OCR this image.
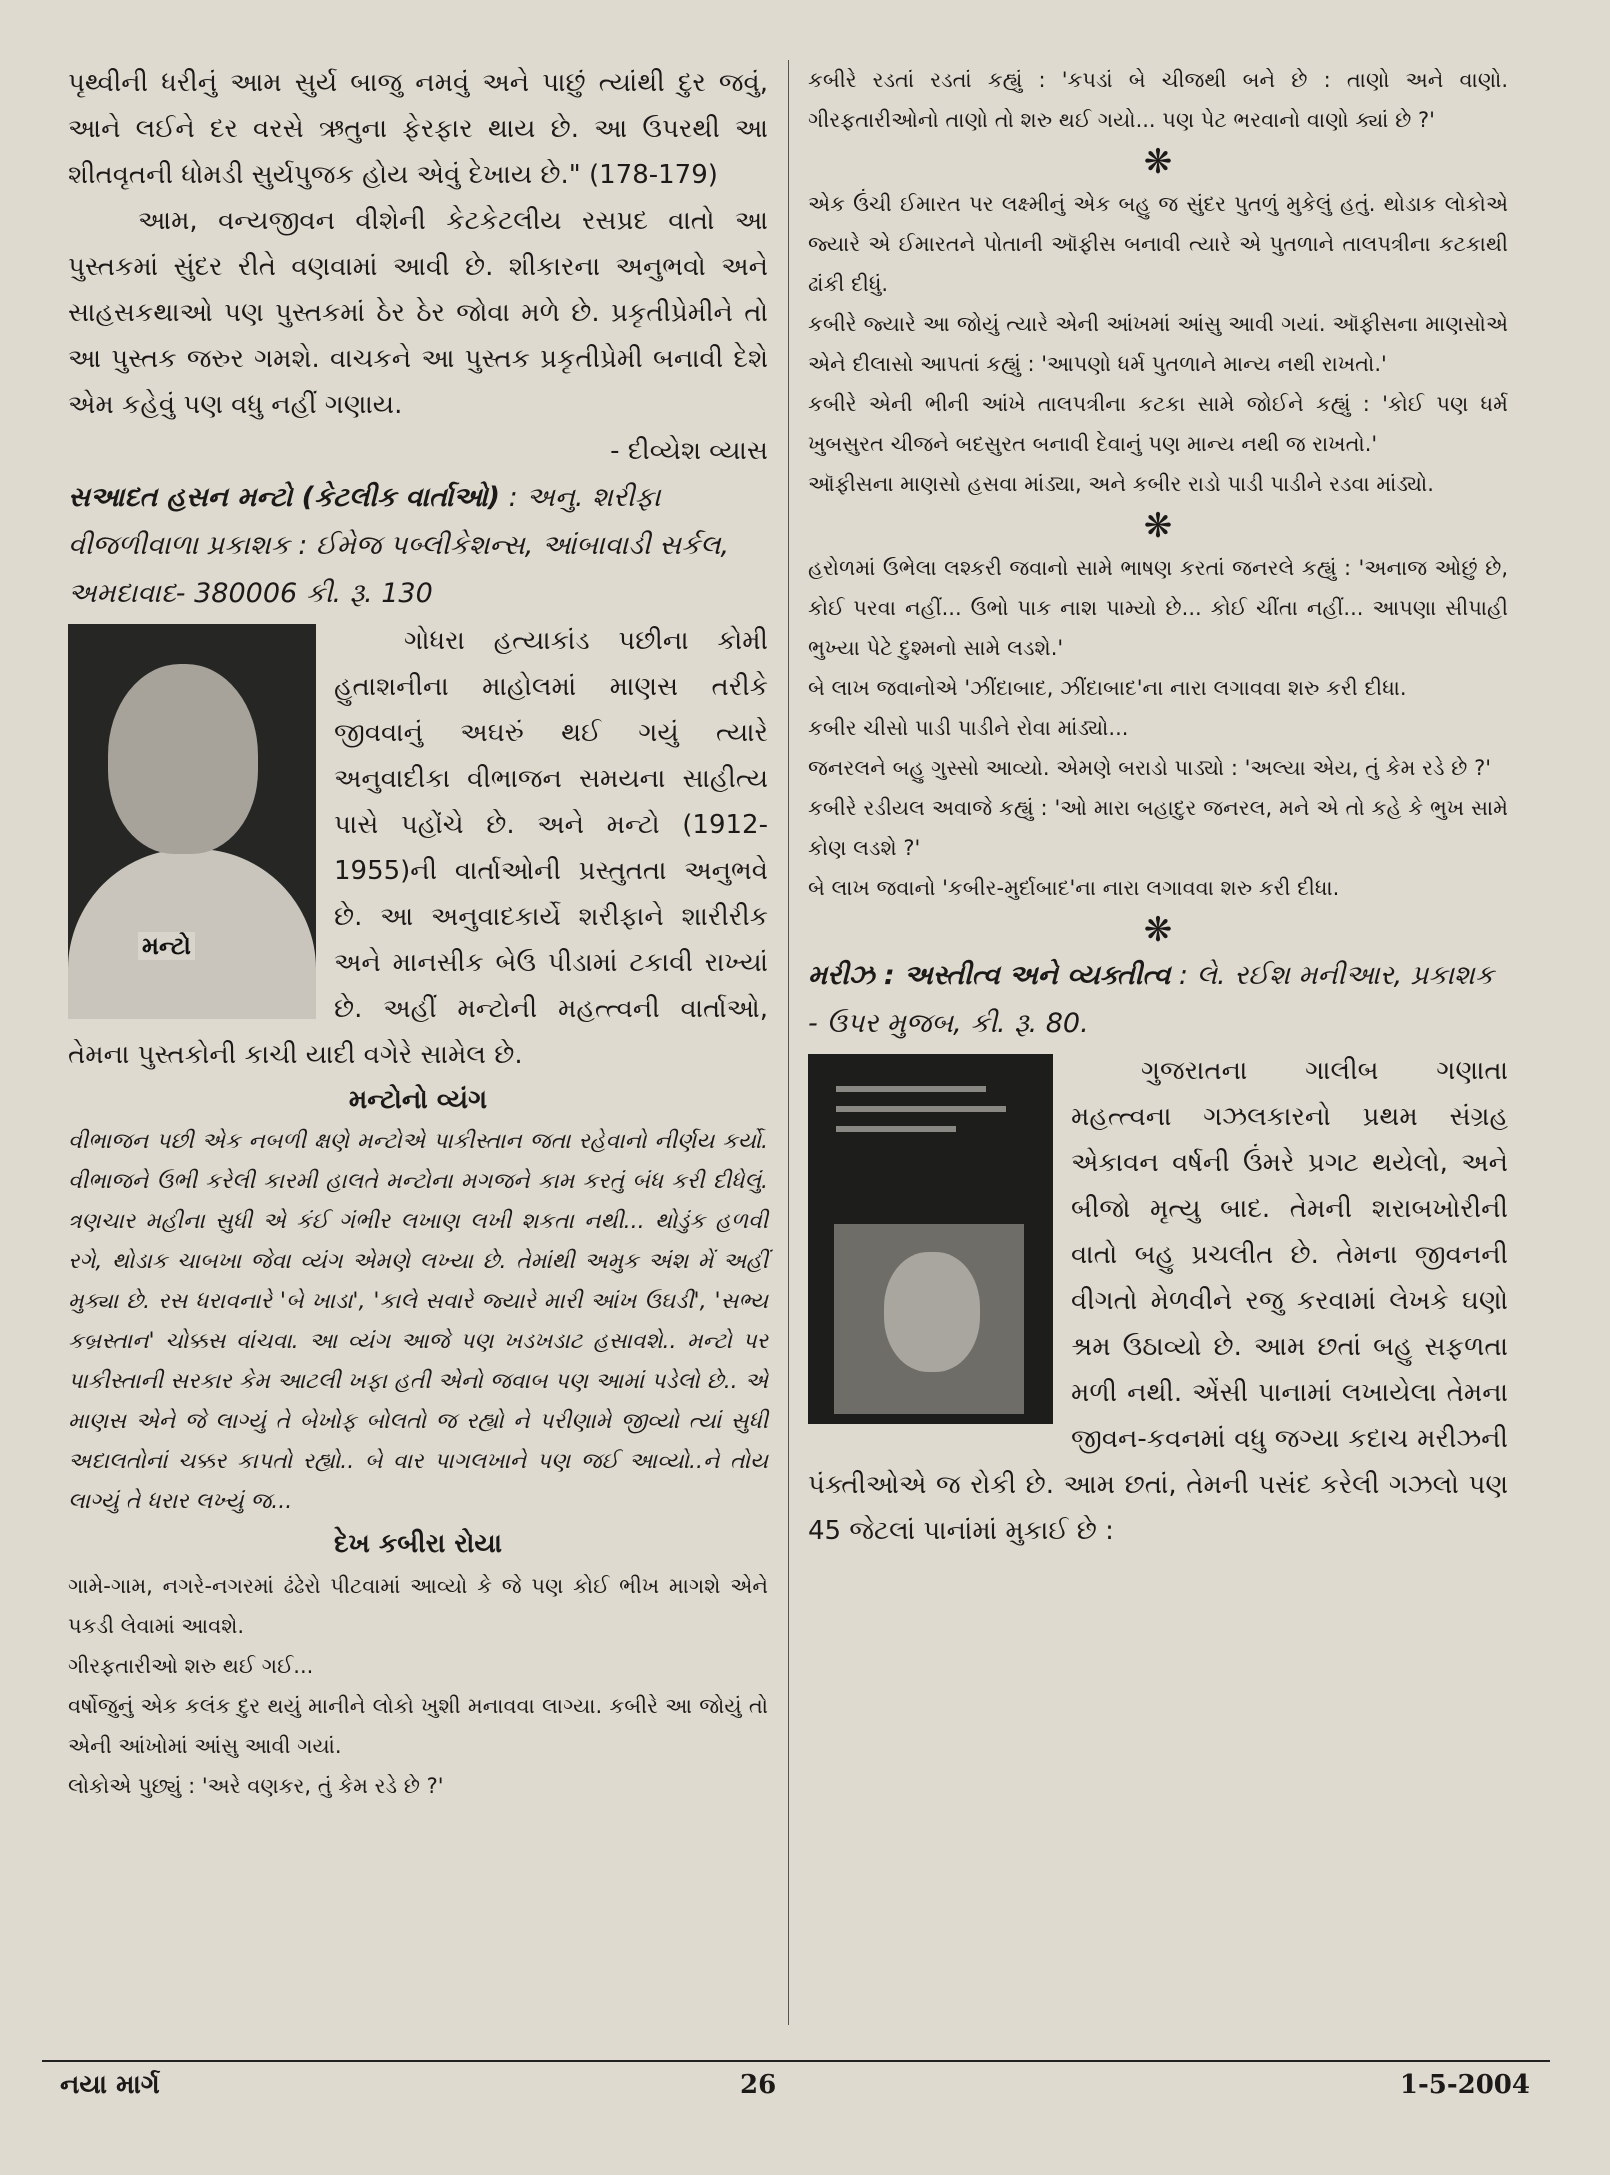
પૃથ્વીની ધરીનું આમ સુર્ય બાજુ નમવું અને પાછું ત્યાંથી દુર જવું, આને લઈને દર વરસે ઋતુના ફેરફાર થાય છે. આ ઉપરથી આ શીતવૃતની ધોમડી સુર્યપુજક હોય એવું દેખાય છે." (178-179)

આમ, વન્યજીવન વીશેની કેટકેટલીય રસપ્રદ વાતો આ પુસ્તકમાં સુંદર રીતે વણવામાં આવી છે. શીકારના અનુભવો અને સાહસકથાઓ પણ પુસ્તકમાં ઠેર ઠેર જોવા મળે છે. પ્રકૃતીપ્રેમીને તો આ પુસ્તક જરુર ગમશે. વાચકને આ પુસ્તક પ્રકૃતીપ્રેમી બનાવી દેશે એમ કહેવું પણ વધુ નહીં ગણાય.

- દીવ્યેશ વ્યાસ

સઆદત હસન મન્ટો (કેટલીક વાર્તાઓ) : અનુ. શરીફા વીજળીવાળા પ્રકાશક : ઈમેજ પબ્લીકેશન્સ, આંબાવાડી સર્કલ, અમદાવાદ- 380006 કી. રૂ. 130

મન્ટો

ગોધરા હત્યાકાંડ પછીના કોમી હુતાશનીના માહોલમાં માણસ તરીકે જીવવાનું અઘરું થઈ ગયું ત્યારે અનુવાદીકા વીભાજન સમયના સાહીત્ય પાસે પહોંચે છે. અને મન્ટો (1912-1955)ની વાર્તાઓની પ્રસ્તુતતા અનુભવે છે. આ અનુવાદકાર્યે શરીફાને શારીરીક અને માનસીક બેઉ પીડામાં ટકાવી રાખ્યાં છે. અહીં મન્ટોની મહત્ત્વની વાર્તાઓ, તેમના પુસ્તકોની કાચી યાદી વગેરે સામેલ છે.

મન્ટોનો વ્યંગ

વીભાજન પછી એક નબળી ક્ષણે મન્ટોએ પાકીસ્તાન જતા રહેવાનો નીર્ણય કર્યો. વીભાજને ઉભી કરેલી કારમી હાલતે મન્ટોના મગજને કામ કરતું બંધ કરી દીધેલું. ત્રણચાર મહીના સુધી એ કંઈ ગંભીર લખાણ લખી શકતા નથી... થોડુંક હળવી રગે, થોડાક ચાબખા જેવા વ્યંગ એમણે લખ્યા છે. તેમાંથી અમુક અંશ મેં અહીં મુક્યા છે. રસ ધરાવનારે 'બે ખાડા', 'કાલે સવારે જ્યારે મારી આંખ ઉઘડી', 'સભ્ય કબ્રસ્તાન' ચોક્કસ વાંચવા. આ વ્યંગ આજે પણ ખડખડાટ હસાવશે.. મન્ટો પર પાકીસ્તાની સરકાર કેમ આટલી ખફા હતી એનો જવાબ પણ આમાં પડેલો છે.. એ માણસ એને જે લાગ્યું તે બેખોફ બોલતો જ રહ્યો ને પરીણામે જીવ્યો ત્યાં સુધી અદાલતોનાં ચક્કર કાપતો રહ્યો.. બે વાર પાગલખાને પણ જઈ આવ્યો..ને તોય લાગ્યું તે ધરાર લખ્યું જ...

દેખ કબીરા રોયા

ગામે-ગામ, નગરે-નગરમાં ઢંઢેરો પીટવામાં આવ્યો કે જે પણ કોઈ ભીખ માગશે એને પકડી લેવામાં આવશે.

ગીરફતારીઓ શરુ થઈ ગઈ...

વર્ષોજુનું એક કલંક દુર થયું માનીને લોકો ખુશી મનાવવા લાગ્યા. કબીરે આ જોયું તો એની આંખોમાં આંસુ આવી ગયાં.

લોકોએ પુછ્યું : 'અરે વણકર, તું કેમ રડે છે ?'

કબીરે રડતાં રડતાં કહ્યું : 'કપડાં બે ચીજથી બને છે : તાણો અને વાણો. ગીરફતારીઓનો તાણો તો શરુ થઈ ગયો... પણ પેટ ભરવાનો વાણો ક્યાં છે ?'

❋

એક ઉંચી ઈમારત પર લક્ષ્મીનું એક બહુ જ સુંદર પુતળું મુકેલું હતું. થોડાક લોકોએ જ્યારે એ ઈમારતને પોતાની ઑફીસ બનાવી ત્યારે એ પુતળાને તાલપત્રીના કટકાથી ઢાંકી દીધું.

કબીરે જ્યારે આ જોયું ત્યારે એની આંખમાં આંસુ આવી ગયાં. ઑફીસના માણસોએ એને દીલાસો આપતાં કહ્યું : 'આપણો ધર્મ પુતળાને માન્ય નથી રાખતો.'

કબીરે એની ભીની આંખે તાલપત્રીના કટકા સામે જોઈને કહ્યું : 'કોઈ પણ ધર્મ ખુબસુરત ચીજને બદસુરત બનાવી દેવાનું પણ માન્ય નથી જ રાખતો.'

ઑફીસના માણસો હસવા માંડ્યા, અને કબીર રાડો પાડી પાડીને રડવા માંડ્યો.

❋

હરોળમાં ઉભેલા લશ્કરી જવાનો સામે ભાષણ કરતાં જનરલે કહ્યું : 'અનાજ ઓછું છે, કોઈ પરવા નહીં... ઉભો પાક નાશ પામ્યો છે... કોઈ ચીંતા નહીં... આપણા સીપાહી ભુખ્યા પેટે દુશ્મનો સામે લડશે.'

બે લાખ જવાનોએ 'ઝીંદાબાદ, ઝીંદાબાદ'ના નારા લગાવવા શરુ કરી દીધા.

કબીર ચીસો પાડી પાડીને રોવા માંડ્યો...

જનરલને બહુ ગુસ્સો આવ્યો. એમણે બરાડો પાડ્યો : 'અલ્યા એય, તું કેમ રડે છે ?'

કબીરે રડીયલ અવાજે કહ્યું : 'ઓ મારા બહાદુર જનરલ, મને એ તો કહે કે ભુખ સામે કોણ લડશે ?'

બે લાખ જવાનો 'કબીર-મુર્દાબાદ'ના નારા લગાવવા શરુ કરી દીધા.

❋

મરીઝ : અસ્તીત્વ અને વ્યક્તીત્વ : લે. રઈશ મનીઆર, પ્રકાશક - ઉપર મુજબ, કી. રૂ. 80.

ગુજરાતના ગાલીબ ગણાતા મહત્ત્વના ગઝલકારનો પ્રથમ સંગ્રહ એકાવન વર્ષની ઉંમરે પ્રગટ થયેલો, અને બીજો મૃત્યુ બાદ. તેમની શરાબખોરીની વાતો બહુ પ્રચલીત છે. તેમના જીવનની વીગતો મેળવીને રજુ કરવામાં લેખકે ઘણો શ્રમ ઉઠાવ્યો છે. આમ છતાં બહુ સફળતા મળી નથી. એંસી પાનામાં લખાયેલા તેમના જીવન-કવનમાં વધુ જગ્યા કદાચ મરીઝની પંક્તીઓએ જ રોકી છે. આમ છતાં, તેમની પસંદ કરેલી ગઝલો પણ 45 જેટલાં પાનાંમાં મુકાઈ છે :

નયા માર્ગ	26	1-5-2004
